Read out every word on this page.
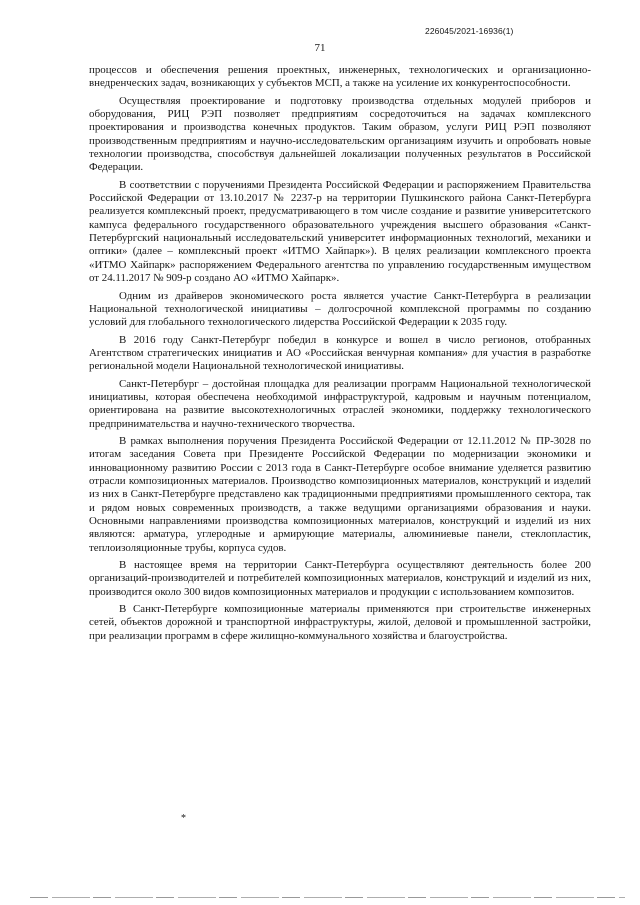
226045/2021-16936(1)
71

процессов и обеспечения решения проектных, инженерных, технологических и организационно-внедренческих задач, возникающих у субъектов МСП, а также на усиление их конкурентоспособности.

Осуществляя проектирование и подготовку производства отдельных модулей приборов и оборудования, РИЦ РЭП позволяет предприятиям сосредоточиться на задачах комплексного проектирования и производства конечных продуктов. Таким образом, услуги РИЦ РЭП позволяют производственным предприятиям и научно-исследовательским организациям изучить и опробовать новые технологии производства, способствуя дальнейшей локализации полученных результатов в Российской Федерации.

В соответствии с поручениями Президента Российской Федерации и распоряжением Правительства Российской Федерации от 13.10.2017 № 2237-р на территории Пушкинского района Санкт-Петербурга реализуется комплексный проект, предусматривающего в том числе создание и развитие университетского кампуса федерального государственного образовательного учреждения высшего образования «Санкт-Петербургский национальный исследовательский университет информационных технологий, механики и оптики» (далее – комплексный проект «ИТМО Хайпарк»). В целях реализации комплексного проекта «ИТМО Хайпарк» распоряжением Федерального агентства по управлению государственным имуществом от 24.11.2017 № 909-р создано АО «ИТМО Хайпарк».

Одним из драйверов экономического роста является участие Санкт-Петербурга в реализации Национальной технологической инициативы – долгосрочной комплексной программы по созданию условий для глобального технологического лидерства Российской Федерации к 2035 году.

В 2016 году Санкт-Петербург победил в конкурсе и вошел в число регионов, отобранных Агентством стратегических инициатив и АО «Российская венчурная компания» для участия в разработке региональной модели Национальной технологической инициативы.

Санкт-Петербург – достойная площадка для реализации программ Национальной технологической инициативы, которая обеспечена необходимой инфраструктурой, кадровым и научным потенциалом, ориентирована на развитие высокотехнологичных отраслей экономики, поддержку технологического предпринимательства и научно-технического творчества.

В рамках выполнения поручения Президента Российской Федерации от 12.11.2012 № ПР-3028 по итогам заседания Совета при Президенте Российской Федерации по модернизации экономики и инновационному развитию России с 2013 года в Санкт-Петербурге особое внимание уделяется развитию отрасли композиционных материалов. Производство композиционных материалов, конструкций и изделий из них в Санкт-Петербурге представлено как традиционными предприятиями промышленного сектора, так и рядом новых современных производств, а также ведущими организациями образования и науки. Основными направлениями производства композиционных материалов, конструкций и изделий из них являются: арматура, углеродные и армирующие материалы, алюминиевые панели, стеклопластик, теплоизоляционные трубы, корпуса судов.

В настоящее время на территории Санкт-Петербурга осуществляют деятельность более 200 организаций-производителей и потребителей композиционных материалов, конструкций и изделий из них, производится около 300 видов композиционных материалов и продукции с использованием композитов.

В Санкт-Петербурге композиционные материалы применяются при строительстве инженерных сетей, объектов дорожной и транспортной инфраструктуры, жилой, деловой и промышленной застройки, при реализации программ в сфере жилищно-коммунального хозяйства и благоустройства.

*
